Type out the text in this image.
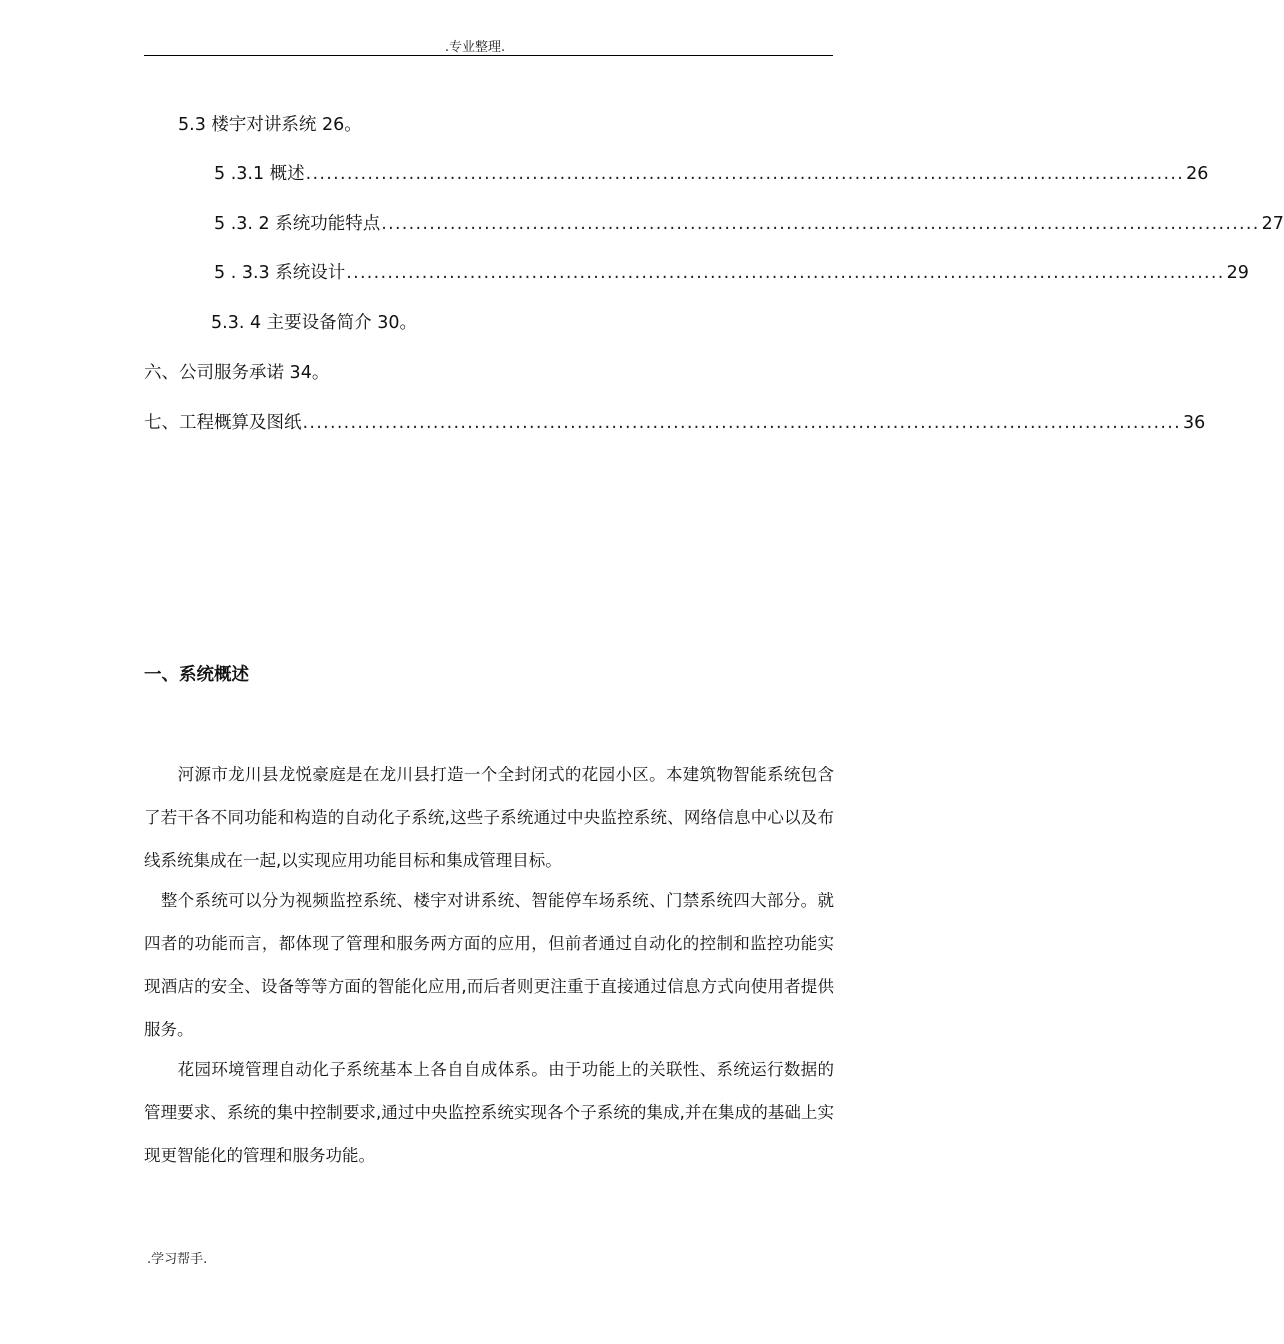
.专业整理.
5.3 楼宇对讲系统 26。
5 .3.1 概述 ................................................................................................................................ 26
5 .3. 2 系统功能特点 ................................................................................................................................ 27
5 . 3.3 系统设计 ................................................................................................................................ 29
5.3. 4 主要设备简介 30。
六、公司服务承诺 34。
七、工程概算及图纸 ................................................................................................................................ 36
一、系统概述

　　河源市龙川县龙悦豪庭是在龙川县打造一个全封闭式的花园小区。本建筑物智能系统包含了若干各不同功能和构造的自动化子系统,这些子系统通过中央监控系统、网络信息中心以及布线系统集成在一起,以实现应用功能目标和集成管理目标。

　整个系统可以分为视频监控系统、楼宇对讲系统、智能停车场系统、门禁系统四大部分。就四者的功能而言，都体现了管理和服务两方面的应用，但前者通过自动化的控制和监控功能实现酒店的安全、设备等等方面的智能化应用,而后者则更注重于直接通过信息方式向使用者提供服务。

　　花园环境管理自动化子系统基本上各自自成体系。由于功能上的关联性、系统运行数据的管理要求、系统的集中控制要求,通过中央监控系统实现各个子系统的集成,并在集成的基础上实现更智能化的管理和服务功能。

.学习帮手.
